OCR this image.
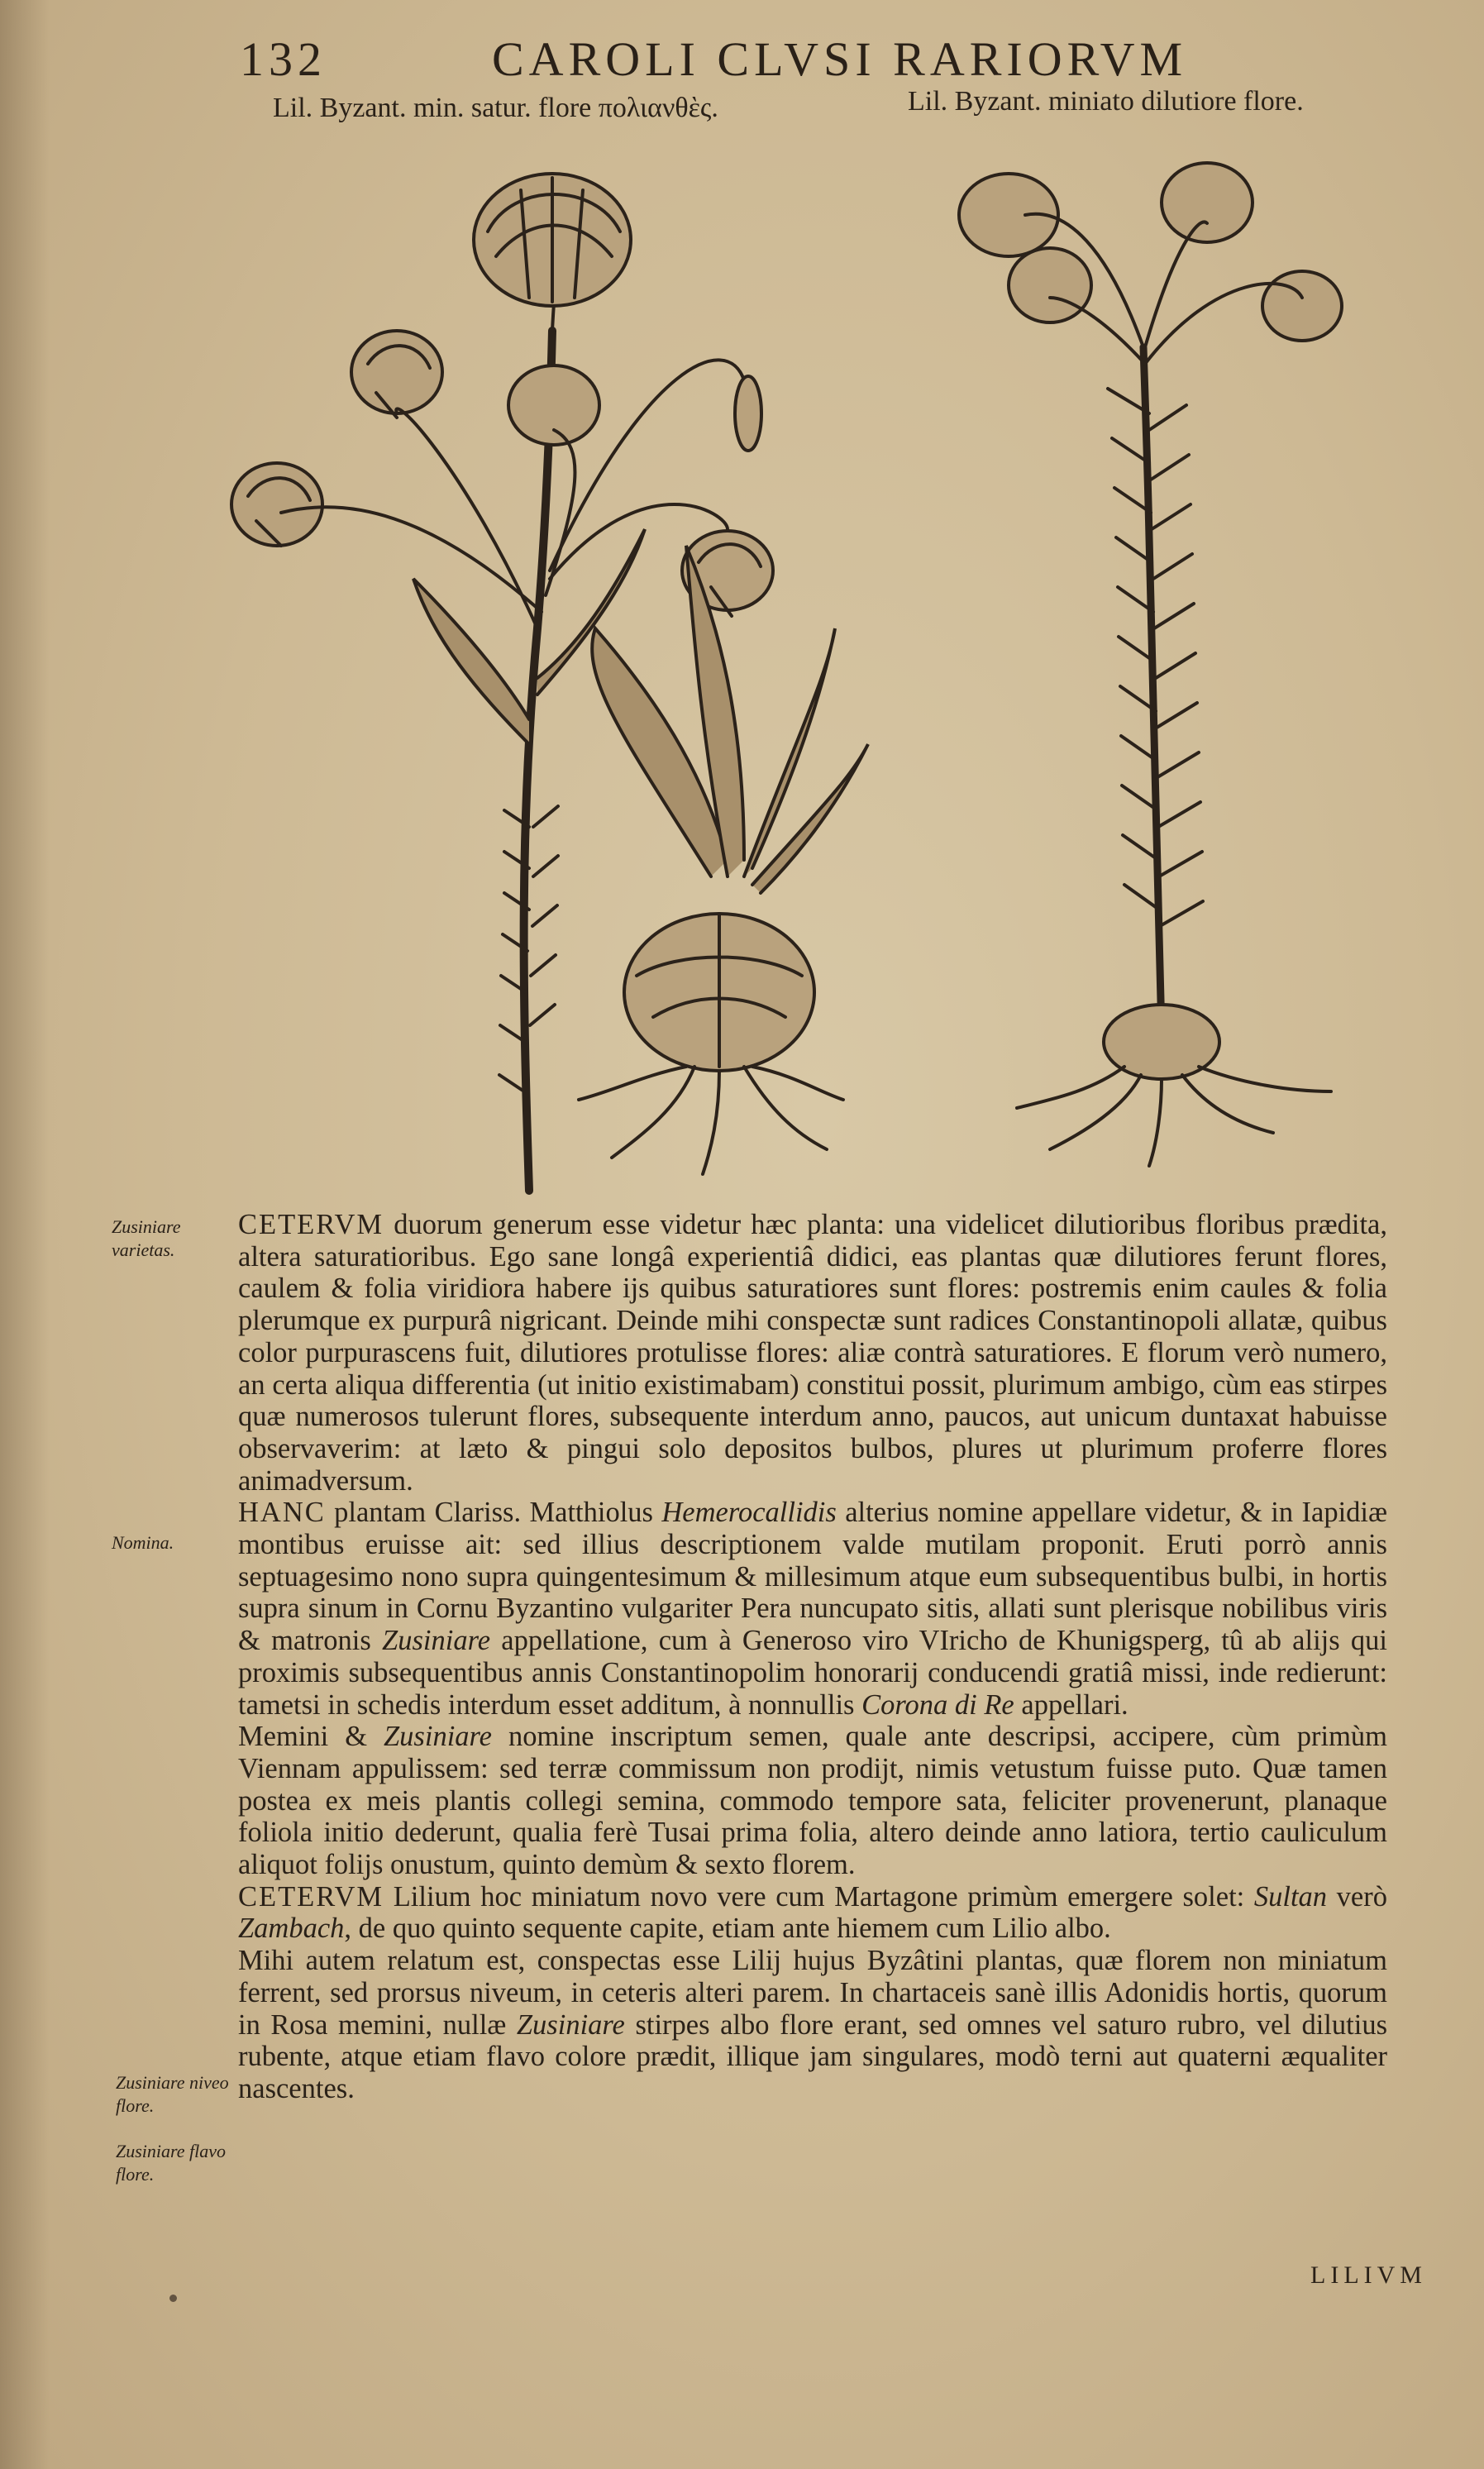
132	CAROLI CLVSI RARIORVM
Lil. Byzant. min. satur. flore πολιανθὲς.	Lil. Byzant. miniato dilutiore flore.
Zusiniare varietas.
Nomina.
Zusiniare niveo flore.
Zusiniare flavo flore.

CETERVM duorum generum esse videtur hæc planta: una videlicet dilutioribus floribus prædita, altera saturatioribus. Ego sane longâ experientiâ didici, eas plantas quæ dilutiores ferunt flores, caulem & folia viridiora habere ijs quibus saturatiores sunt flores: postremis enim caules & folia plerumque ex purpurâ nigricant. Deinde mihi conspectæ sunt radices Constantinopoli allatæ, quibus color purpurascens fuit, dilutiores protulisse flores: aliæ contrà saturatiores. E florum verò numero, an certa aliqua differentia (ut initio existimabam) constitui possit, plurimum ambigo, cùm eas stirpes quæ numerosos tulerunt flores, subsequente interdum anno, paucos, aut unicum duntaxat habuisse observaverim: at læto & pingui solo depositos bulbos, plures ut plurimum proferre flores animadversum.

HANC plantam Clariss. Matthiolus Hemerocallidis alterius nomine appellare videtur, & in Iapidiæ montibus eruisse ait: sed illius descriptionem valde mutilam proponit. Eruti porrò annis septuagesimo nono supra quingentesimum & millesimum atque eum subsequentibus bulbi, in hortis supra sinum in Cornu Byzantino vulgariter Pera nuncupato sitis, allati sunt plerisque nobilibus viris & matronis Zusiniare appellatione, cum à Generoso viro VIricho de Khunigsperg, tû ab alijs qui proximis subsequentibus annis Constantinopolim honorarij conducendi gratiâ missi, inde redierunt: tametsi in schedis interdum esset additum, à nonnullis Corona di Re appellari.

Memini & Zusiniare nomine inscriptum semen, quale ante descripsi, accipere, cùm primùm Viennam appulissem: sed terræ commissum non prodijt, nimis vetustum fuisse puto. Quæ tamen postea ex meis plantis collegi semina, commodo tempore sata, feliciter provenerunt, planaque foliola initio dederunt, qualia ferè Tusai prima folia, altero deinde anno latiora, tertio cauliculum aliquot folijs onustum, quinto demùm & sexto florem.

CETERVM Lilium hoc miniatum novo vere cum Martagone primùm emergere solet: Sultan verò Zambach, de quo quinto sequente capite, etiam ante hiemem cum Lilio albo.

Mihi autem relatum est, conspectas esse Lilij hujus Byzâtini plantas, quæ florem non miniatum ferrent, sed prorsus niveum, in ceteris alteri parem. In chartaceis sanè illis Adonidis hortis, quorum in Rosa memini, nullæ Zusiniare stirpes albo flore erant, sed omnes vel saturo rubro, vel dilutius rubente, atque etiam flavo colore prædit, illique jam singulares, modò terni aut quaterni æqualiter nascentes.

LILIVM
